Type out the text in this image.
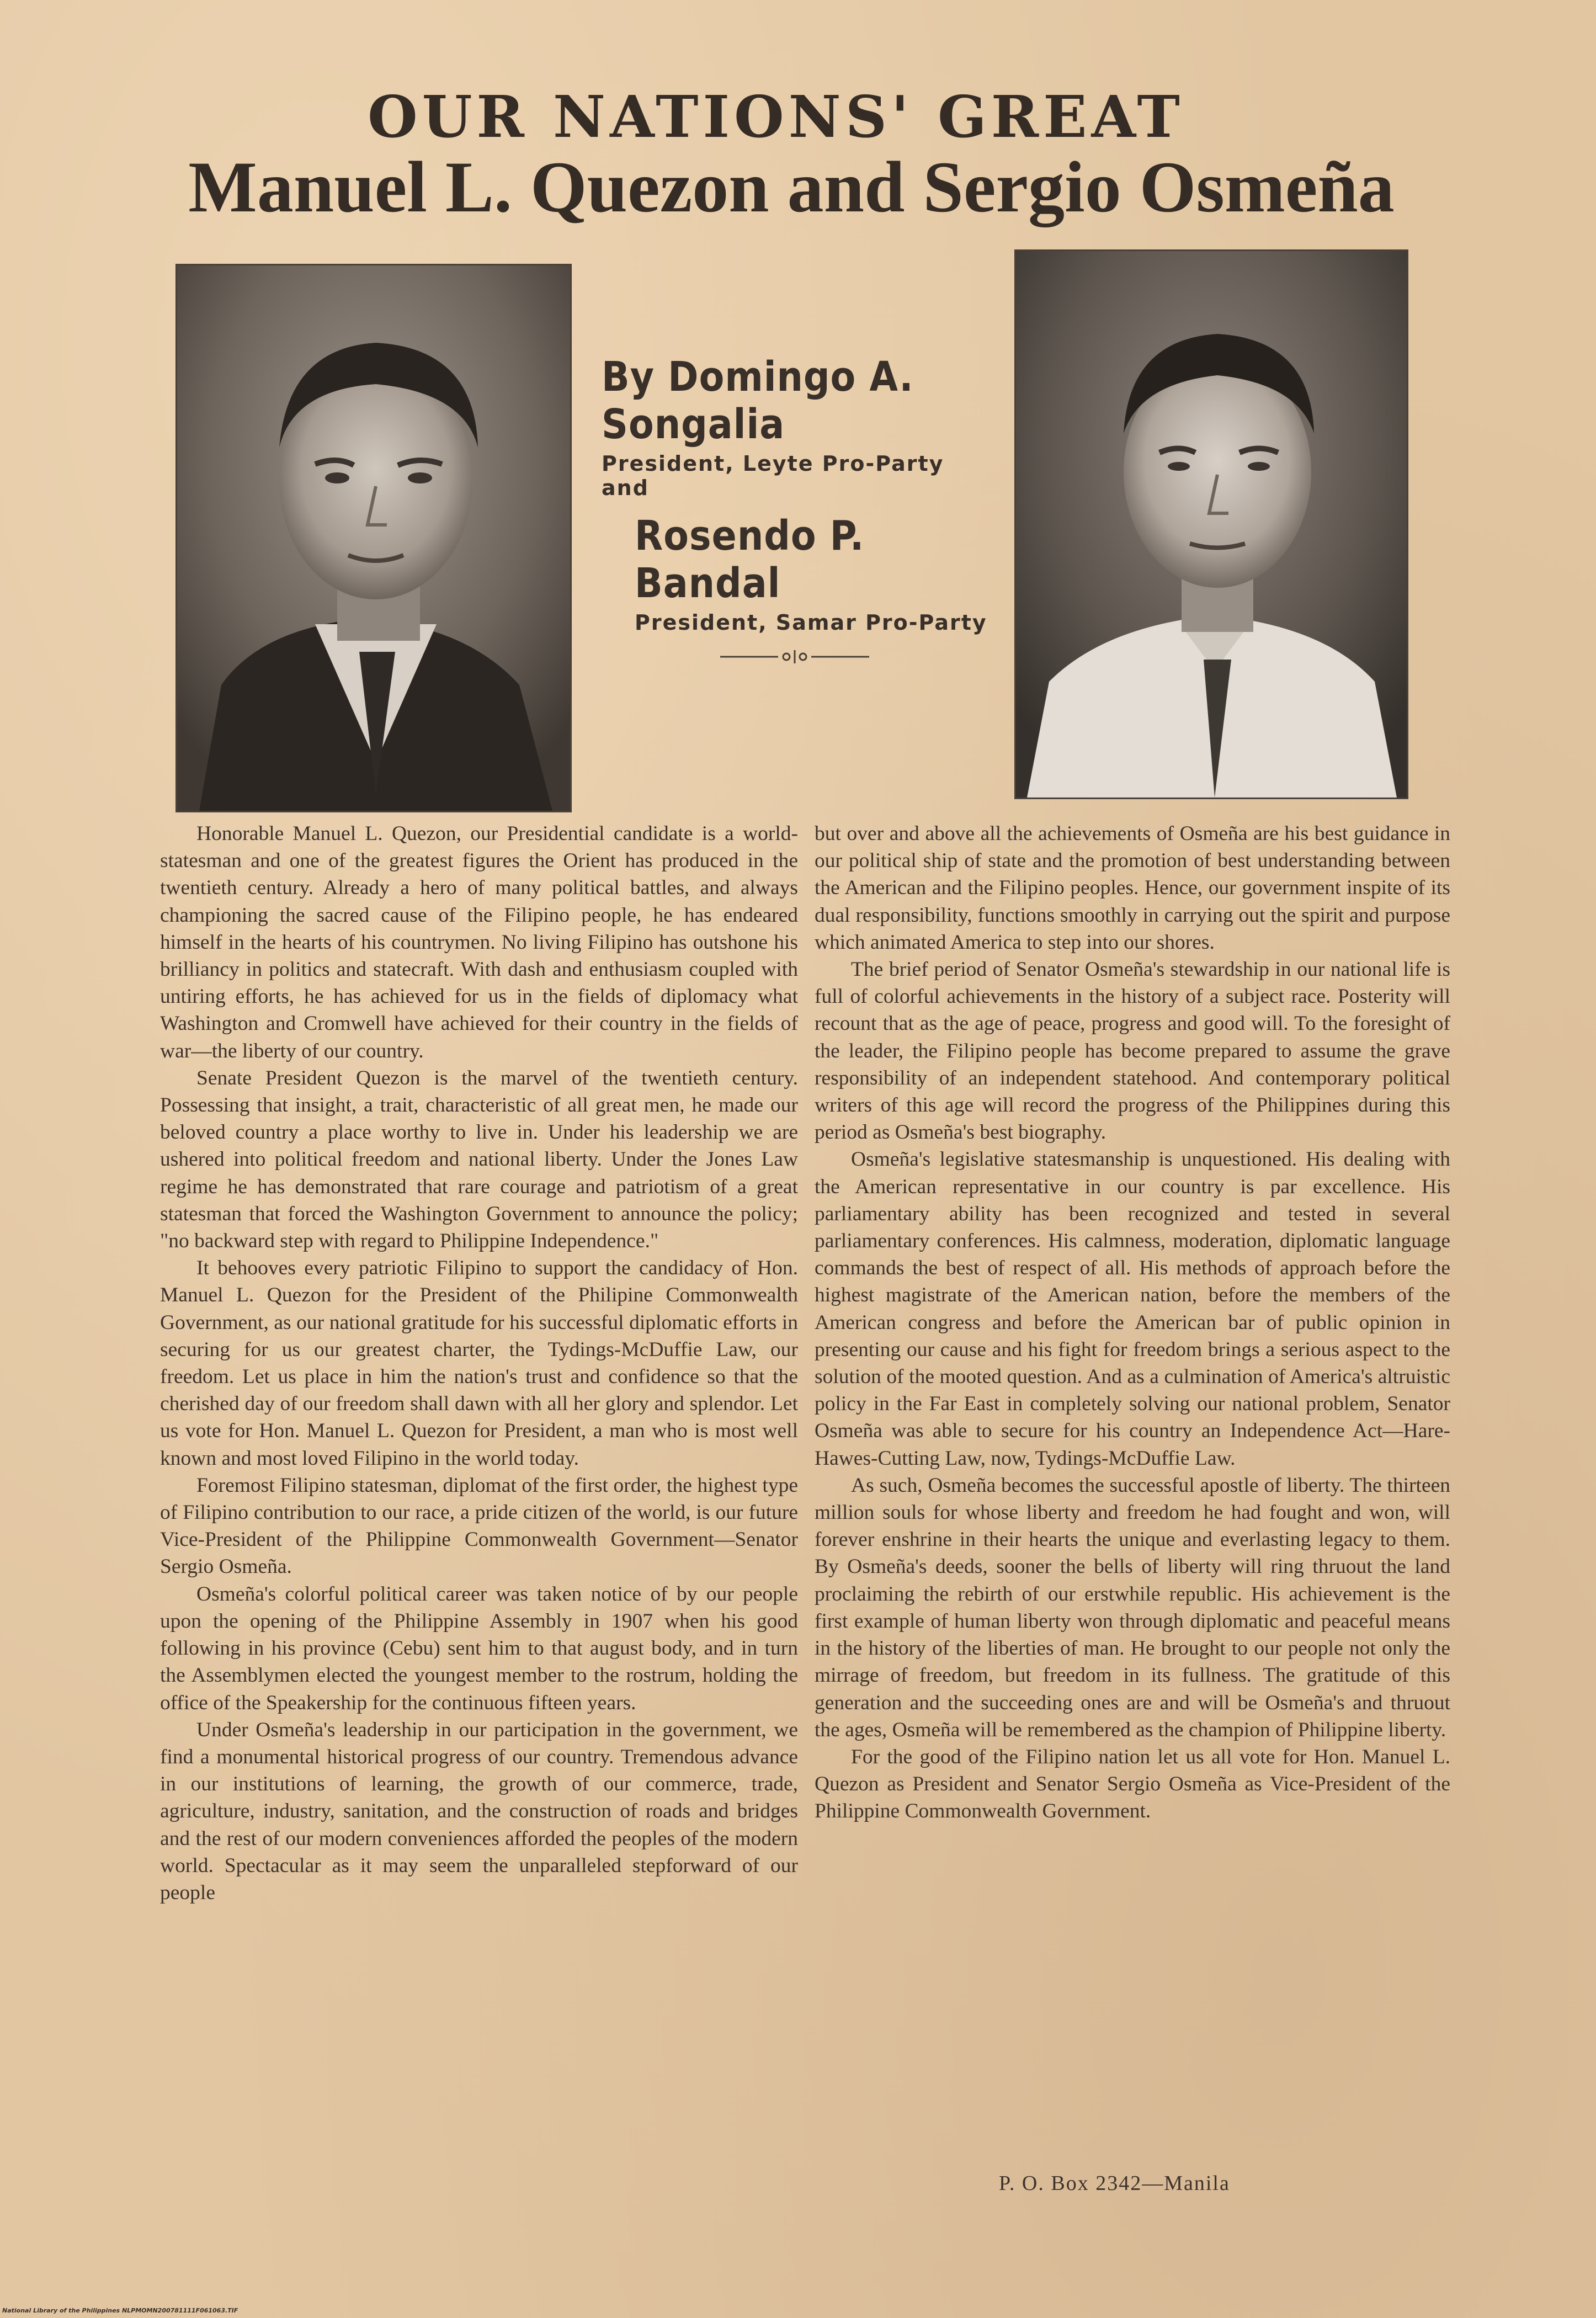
OUR NATIONS' GREAT
Manuel L. Quezon and Sergio Osmeña
By Domingo A. Songalia
President, Leyte Pro-Party and
Rosendo P. Bandal
President, Samar Pro-Party

Honorable Manuel L. Quezon, our Presidential candidate is a world-statesman and one of the greatest figures the Orient has produced in the twentieth century. Already a hero of many political battles, and always championing the sacred cause of the Filipino people, he has endeared himself in the hearts of his countrymen. No living Filipino has outshone his brilliancy in politics and statecraft. With dash and enthusiasm coupled with untiring efforts, he has achieved for us in the fields of diplomacy what Washington and Cromwell have achieved for their country in the fields of war—the liberty of our country.

Senate President Quezon is the marvel of the twentieth century. Possessing that insight, a trait, characteristic of all great men, he made our beloved country a place worthy to live in. Under his leadership we are ushered into political freedom and national liberty. Under the Jones Law regime he has demonstrated that rare courage and patriotism of a great statesman that forced the Washington Government to announce the policy; "no backward step with regard to Philippine Independence."

It behooves every patriotic Filipino to support the candidacy of Hon. Manuel L. Quezon for the President of the Philipine Commonwealth Government, as our national gratitude for his successful diplomatic efforts in securing for us our greatest charter, the Tydings-McDuffie Law, our freedom. Let us place in him the nation's trust and confidence so that the cherished day of our freedom shall dawn with all her glory and splendor. Let us vote for Hon. Manuel L. Quezon for President, a man who is most well known and most loved Filipino in the world today.

Foremost Filipino statesman, diplomat of the first order, the highest type of Filipino contribution to our race, a pride citizen of the world, is our future Vice-President of the Philippine Commonwealth Government—Senator Sergio Osmeña.

Osmeña's colorful political career was taken notice of by our people upon the opening of the Philippine Assembly in 1907 when his good following in his province (Cebu) sent him to that august body, and in turn the Assemblymen elected the youngest member to the rostrum, holding the office of the Speakership for the continuous fifteen years.

Under Osmeña's leadership in our participation in the government, we find a monumental historical progress of our country. Tremendous advance in our institutions of learning, the growth of our commerce, trade, agriculture, industry, sanitation, and the construction of roads and bridges and the rest of our modern conveniences afforded the peoples of the modern world. Spectacular as it may seem the unparalleled stepforward of our people

but over and above all the achievements of Osmeña are his best guidance in our political ship of state and the promotion of best understanding between the American and the Filipino peoples. Hence, our government inspite of its dual responsibility, functions smoothly in carrying out the spirit and purpose which animated America to step into our shores.

The brief period of Senator Osmeña's stewardship in our national life is full of colorful achievements in the history of a subject race. Posterity will recount that as the age of peace, progress and good will. To the foresight of the leader, the Filipino people has become prepared to assume the grave responsibility of an independent statehood. And contemporary political writers of this age will record the progress of the Philippines during this period as Osmeña's best biography.

Osmeña's legislative statesmanship is unquestioned. His dealing with the American representative in our country is par excellence. His parliamentary ability has been recognized and tested in several parliamentary conferences. His calmness, moderation, diplomatic language commands the best of respect of all. His methods of approach before the highest magistrate of the American nation, before the members of the American congress and before the American bar of public opinion in presenting our cause and his fight for freedom brings a serious aspect to the solution of the mooted question. And as a culmination of America's altruistic policy in the Far East in completely solving our national problem, Senator Osmeña was able to secure for his country an Independence Act—Hare-Hawes-Cutting Law, now, Tydings-McDuffie Law.

As such, Osmeña becomes the successful apostle of liberty. The thirteen million souls for whose liberty and freedom he had fought and won, will forever enshrine in their hearts the unique and everlasting legacy to them. By Osmeña's deeds, sooner the bells of liberty will ring thruout the land proclaiming the rebirth of our erstwhile republic. His achievement is the first example of human liberty won through diplomatic and peaceful means in the history of the liberties of man. He brought to our people not only the mirrage of freedom, but freedom in its fullness. The gratitude of this generation and the succeeding ones are and will be Osmeña's and thruout the ages, Osmeña will be remembered as the champion of Philippine liberty.

For the good of the Filipino nation let us all vote for Hon. Manuel L. Quezon as President and Senator Sergio Osmeña as Vice-President of the Philippine Commonwealth Government.

P. O. Box 2342—Manila
National Library of the Philippines NLPMOMN200781111F061063.TIF
